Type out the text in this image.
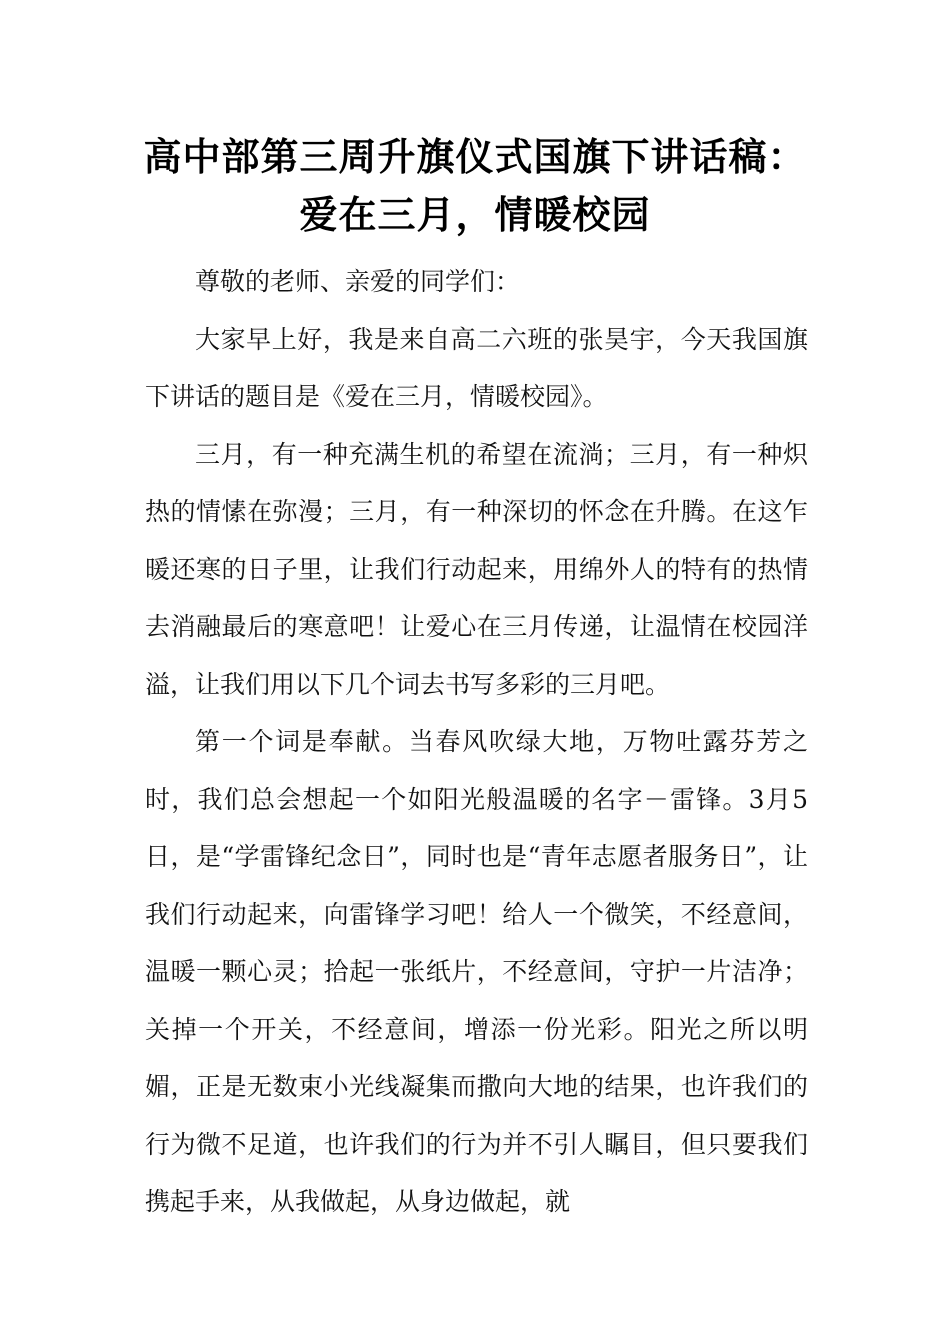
高中部第三周升旗仪式国旗下讲话稿：
爱在三月，情暖校园

尊敬的老师、亲爱的同学们：

大家早上好，我是来自高二六班的张昊宇，今天我国旗下讲话的题目是《爱在三月，情暖校园》。

三月，有一种充满生机的希望在流淌；三月，有一种炽热的情愫在弥漫；三月，有一种深切的怀念在升腾。在这乍暖还寒的日子里，让我们行动起来，用绵外人的特有的热情去消融最后的寒意吧！让爱心在三月传递，让温情在校园洋溢，让我们用以下几个词去书写多彩的三月吧。

第一个词是奉献。当春风吹绿大地，万物吐露芬芳之时，我们总会想起一个如阳光般温暖的名字－雷锋。3月5日，是“学雷锋纪念日”，同时也是“青年志愿者服务日”，让我们行动起来，向雷锋学习吧！给人一个微笑，不经意间，温暖一颗心灵；拾起一张纸片，不经意间，守护一片洁净；关掉一个开关，不经意间，增添一份光彩。阳光之所以明媚，正是无数束小光线凝集而撒向大地的结果，也许我们的行为微不足道，也许我们的行为并不引人瞩目，但只要我们携起手来，从我做起，从身边做起，就
